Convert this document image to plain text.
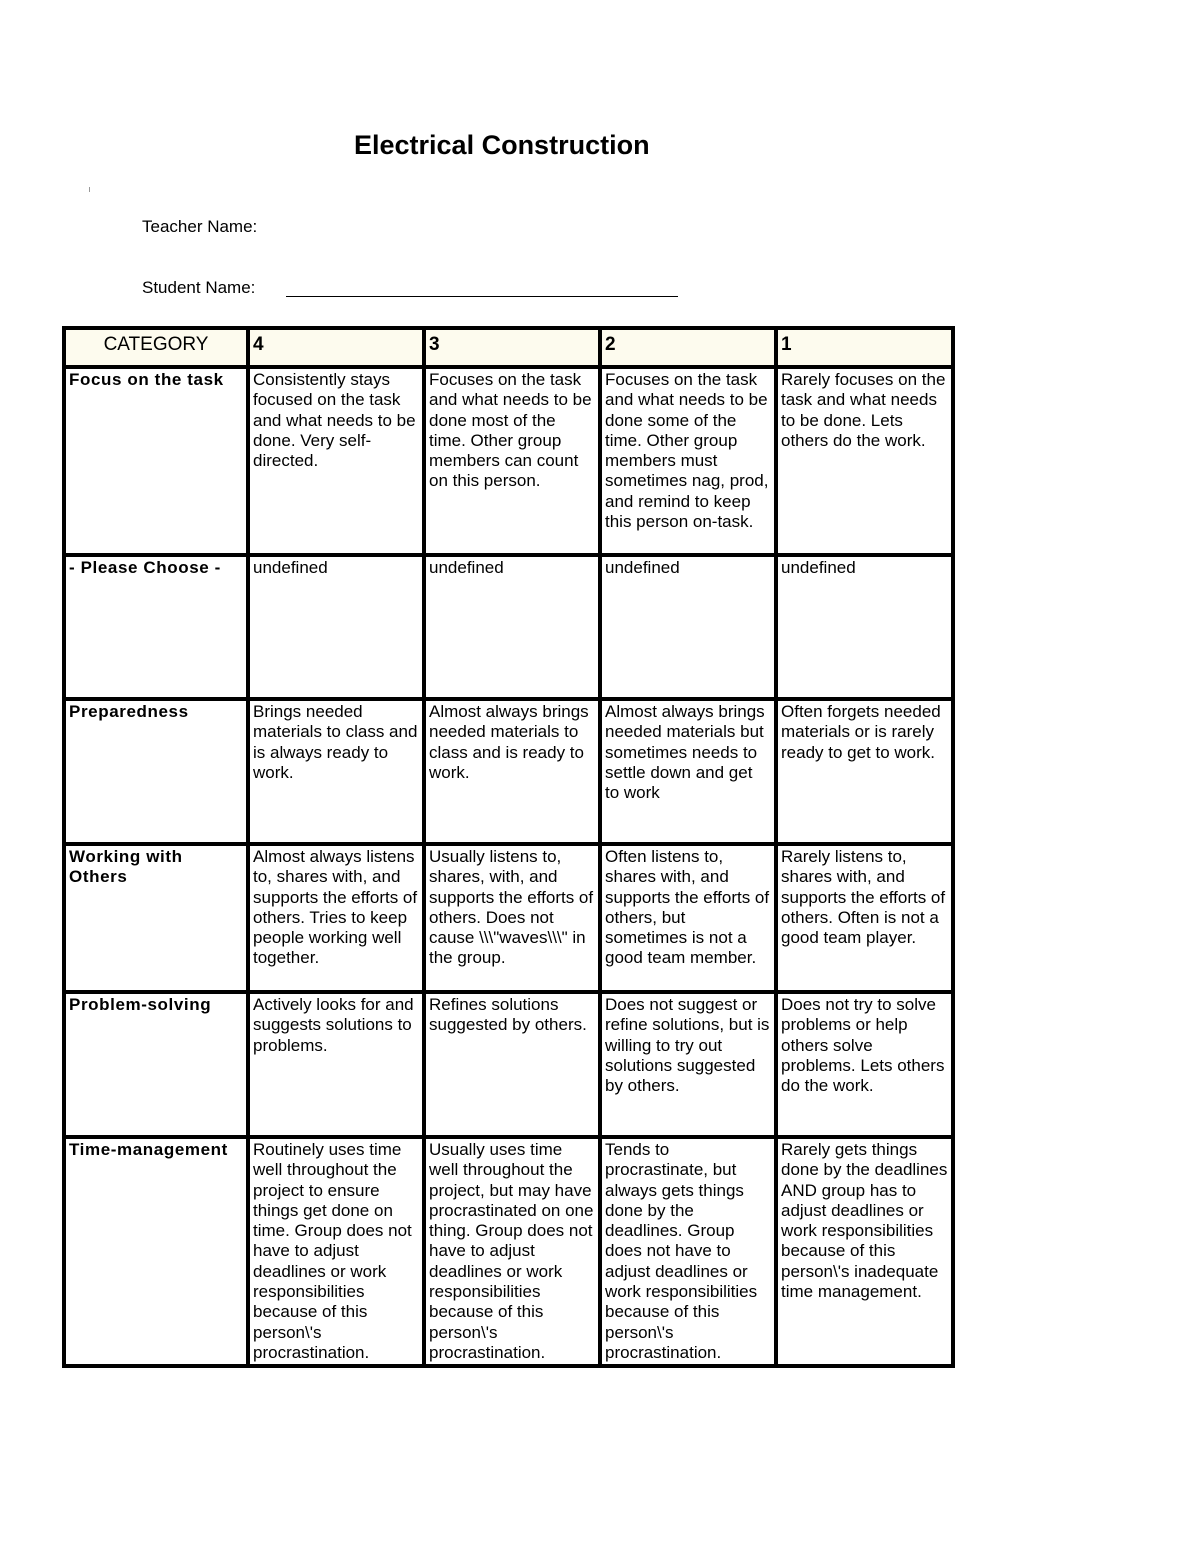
Electrical Construction
Teacher Name:
Student Name:
CATEGORY	4	3	2	1
Focus on the task	Consistently stays focused on the task and what needs to be done. Very self-directed.	Focuses on the task and what needs to be done most of the time. Other group members can count on this person.	Focuses on the task and what needs to be done some of the time. Other group members must sometimes nag, prod, and remind to keep this person on-task.	Rarely focuses on the task and what needs to be done. Lets others do the work.
- Please Choose -	undefined	undefined	undefined	undefined
Preparedness	Brings needed materials to class and is always ready to work.	Almost always brings needed materials to class and is ready to work.	Almost always brings needed materials but sometimes needs to settle down and get to work	Often forgets needed materials or is rarely ready to get to work.
Working with Others	Almost always listens to, shares with, and supports the efforts of others. Tries to keep people working well together.	Usually listens to, shares, with, and supports the efforts of others. Does not cause \\\"waves\\\" in the group.	Often listens to, shares with, and supports the efforts of others, but sometimes is not a good team member.	Rarely listens to, shares with, and supports the efforts of others. Often is not a good team player.
Problem-solving	Actively looks for and suggests solutions to problems.	Refines solutions suggested by others.	Does not suggest or refine solutions, but is willing to try out solutions suggested by others.	Does not try to solve problems or help others solve problems. Lets others do the work.
Time-management	Routinely uses time well throughout the project to ensure things get done on time. Group does not have to adjust deadlines or work responsibilities because of this person\'s procrastination.	Usually uses time well throughout the project, but may have procrastinated on one thing. Group does not have to adjust deadlines or work responsibilities because of this person\'s procrastination.	Tends to procrastinate, but always gets things done by the deadlines. Group does not have to adjust deadlines or work responsibilities because of this person\'s procrastination.	Rarely gets things done by the deadlines AND group has to adjust deadlines or work responsibilities because of this person\'s inadequate time management.
